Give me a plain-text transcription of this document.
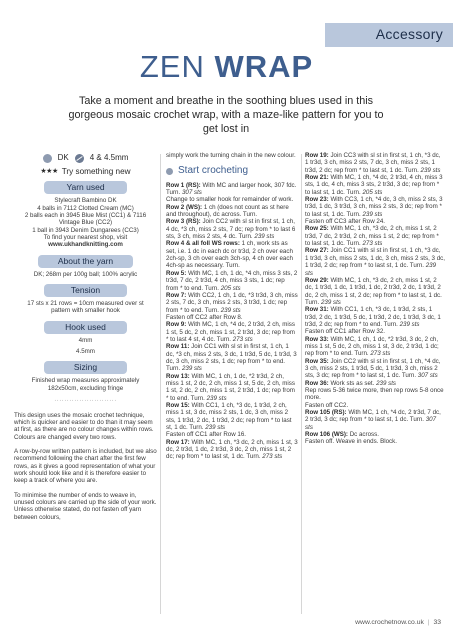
Accessory
ZEN WRAP
Take a moment and breathe in the soothing blues used in this gorgeous mosaic crochet wrap, with a maze-like pattern for you to get lost in
DK	4 & 4.5mm
★★★ Try something new
Yarn used
Stylecraft Bambino DK
4 balls in 7112 Clotted Cream (MC)
2 balls each in 3945 Blue Mist (CC1) & 7116
Vintage Blue (CC2)
1 ball in 3943 Denim Dungarees (CC3)
To find your nearest shop, visit
www.ukhandknitting.com
About the yarn
DK; 268m per 100g ball; 100% acrylic
Tension
17 sts x 21 rows = 10cm measured over st
pattern with smaller hook
Hook used
4mm
4.5mm
Sizing
Finished wrap measures approximately
182x50cm, excluding fringe
·························
This design uses the mosaic crochet technique, which is quicker and easier to do than it may seem at first, as there are no colour changes within rows. Colours are changed every two rows.
A row-by-row written pattern is included, but we also recommend following the chart after the first few rows, as it gives a good representation of what your work should look like and it is therefore easier to keep a track of where you are.
To minimise the number of ends to weave in, unused colours are carried up the side of your work. Unless otherwise stated, do not fasten off yarn between colours,
simply work the turning chain in the new colour.
Start crocheting
Row 1 (RS): With MC and larger hook, 307 fdc. Turn. 307 sts
Change to smaller hook for remainder of work.
Row 2 (WS): 1 ch (does not count as st here and throughout), dc across. Turn.
Row 3 (RS): Join CC2 with sl st in first st, 1 ch, 4 dc, *3 ch, miss 2 sts, 7 dc; rep from * to last 6 sts, 3 ch, miss 2 sts, 4 dc. Turn. 239 sts
Row 4 & all foll WS rows: 1 ch, work sts as set, i.e. 1 dc in each dc or tr3d, 2 ch over each 2ch-sp, 3 ch over each 3ch-sp, 4 ch over each 4ch-sp as necessary. Turn.
Row 5: With MC, 1 ch, 1 dc, *4 ch, miss 3 sts, 2 tr3d, 7 dc, 2 tr3d, 4 ch, miss 3 sts, 1 dc; rep from * to end. Turn. 205 sts
Row 7: With CC2, 1 ch, 1 dc, *3 tr3d, 3 ch, miss 2 sts, 7 dc, 3 ch, miss 2 sts, 3 tr3d, 1 dc; rep from * to end. Turn. 239 sts
Fasten off CC2 after Row 8.
Row 9: With MC, 1 ch, *4 dc, 2 tr3d, 2 ch, miss 1 st, 5 dc, 2 ch, miss 1 st, 2 tr3d, 3 dc; rep from * to last 4 st, 4 dc. Turn. 273 sts
Row 11: Join CC1 with sl st in first st, 1 ch, 1 dc, *3 ch, miss 2 sts, 3 dc, 1 tr3d, 5 dc, 1 tr3d, 3 dc, 3 ch, miss 2 sts, 1 dc; rep from * to end. Turn. 239 sts
Row 13: With MC, 1 ch, 1 dc, *2 tr3d, 2 ch, miss 1 st, 2 dc, 2 ch, miss 1 st, 5 dc, 2 ch, miss 1 st, 2 dc, 2 ch, miss 1 st, 2 tr3d, 1 dc; rep from * to end. Turn. 239 sts
Row 15: With CC1, 1 ch, *3 dc, 1 tr3d, 2 ch, miss 1 st, 3 dc, miss 2 sts, 1 dc, 3 ch, miss 2 sts, 1 tr3d, 2 dc, 1 tr3d, 2 dc; rep from * to last st, 1 dc. Turn. 239 sts
Fasten off CC1 after Row 16.
Row 17: With MC, 1 ch, *3 dc, 2 ch, miss 1 st, 3 dc, 2 tr3d, 1 dc, 2 tr3d, 3 dc, 2 ch, miss 1 st, 2 dc; rep from * to last st, 1 dc. Turn. 273 sts
Row 19: Join CC3 with sl st in first st, 1 ch, *3 dc, 1 tr3d, 3 ch, miss 2 sts, 7 dc, 3 ch, miss 2 sts, 1 tr3d, 2 dc; rep from * to last st, 1 dc. Turn. 239 sts
Row 21: With MC, 1 ch, *4 dc, 2 tr3d, 4 ch, miss 3 sts, 1 dc, 4 ch, miss 3 sts, 2 tr3d, 3 dc; rep from * to last st, 1 dc. Turn. 205 sts
Row 23: With CC3, 1 ch, *4 dc, 3 ch, miss 2 sts, 3 tr3d, 1 dc, 3 tr3d, 3 ch, miss 2 sts, 3 dc; rep from * to last st, 1 dc. Turn. 239 sts
Fasten off CC3 after Row 24.
Row 25: With MC, 1 ch, *3 dc, 2 ch, miss 1 st, 2 tr3d, 7 dc, 2 tr3d, 2 ch, miss 1 st, 2 dc; rep from * to last st, 1 dc. Turn. 273 sts
Row 27: Join CC1 with sl st in first st, 1 ch, *3 dc, 1 tr3d, 3 ch, miss 2 sts, 1 dc, 3 ch, miss 2 sts, 3 dc, 1 tr3d, 2 dc; rep from * to last st, 1 dc. Turn. 239 sts
Row 29: With MC, 1 ch, *3 dc, 2 ch, miss 1 st, 2 dc, 1 tr3d, 1 dc, 1 tr3d, 1 dc, 2 tr3d, 2 dc, 1 tr3d, 2 dc, 2 ch, miss 1 st, 2 dc; rep from * to last st, 1 dc. Turn. 239 sts
Row 31: With CC1, 1 ch, *3 dc, 1 tr3d, 2 sts, 1 tr3d, 2 dc, 1 tr3d, 5 dc, 1 tr3d, 2 dc, 1 tr3d, 3 dc, 1 tr3d, 2 dc; rep from * to end. Turn. 239 sts
Fasten off CC1 after Row 32.
Row 33: With MC, 1 ch, 1 dc, *2 tr3d, 3 dc, 2 ch, miss 1 st, 5 dc, 2 ch, miss 1 st, 3 dc, 2 tr3d, 1 dc; rep from * to end. Turn. 273 sts
Row 35: Join CC2 with sl st in first st, 1 ch, *4 dc, 3 ch, miss 2 sts, 1 tr3d, 5 dc, 1 tr3d, 3 ch, miss 2 sts, 3 dc; rep from * to last st, 1 dc. Turn. 307 sts
Row 36: Work sts as set. 239 sts
Rep rows 5-36 twice more, then rep rows 5-8 once more.
Fasten off CC2.
Row 105 (RS): With MC, 1 ch, *4 dc, 2 tr3d, 7 dc, 2 tr3d, 3 dc; rep from * to last st, 1 dc. Turn. 307 sts
Row 106 (WS): Dc across.
Fasten off. Weave in ends. Block.
www.crochetnow.co.uk | 33
